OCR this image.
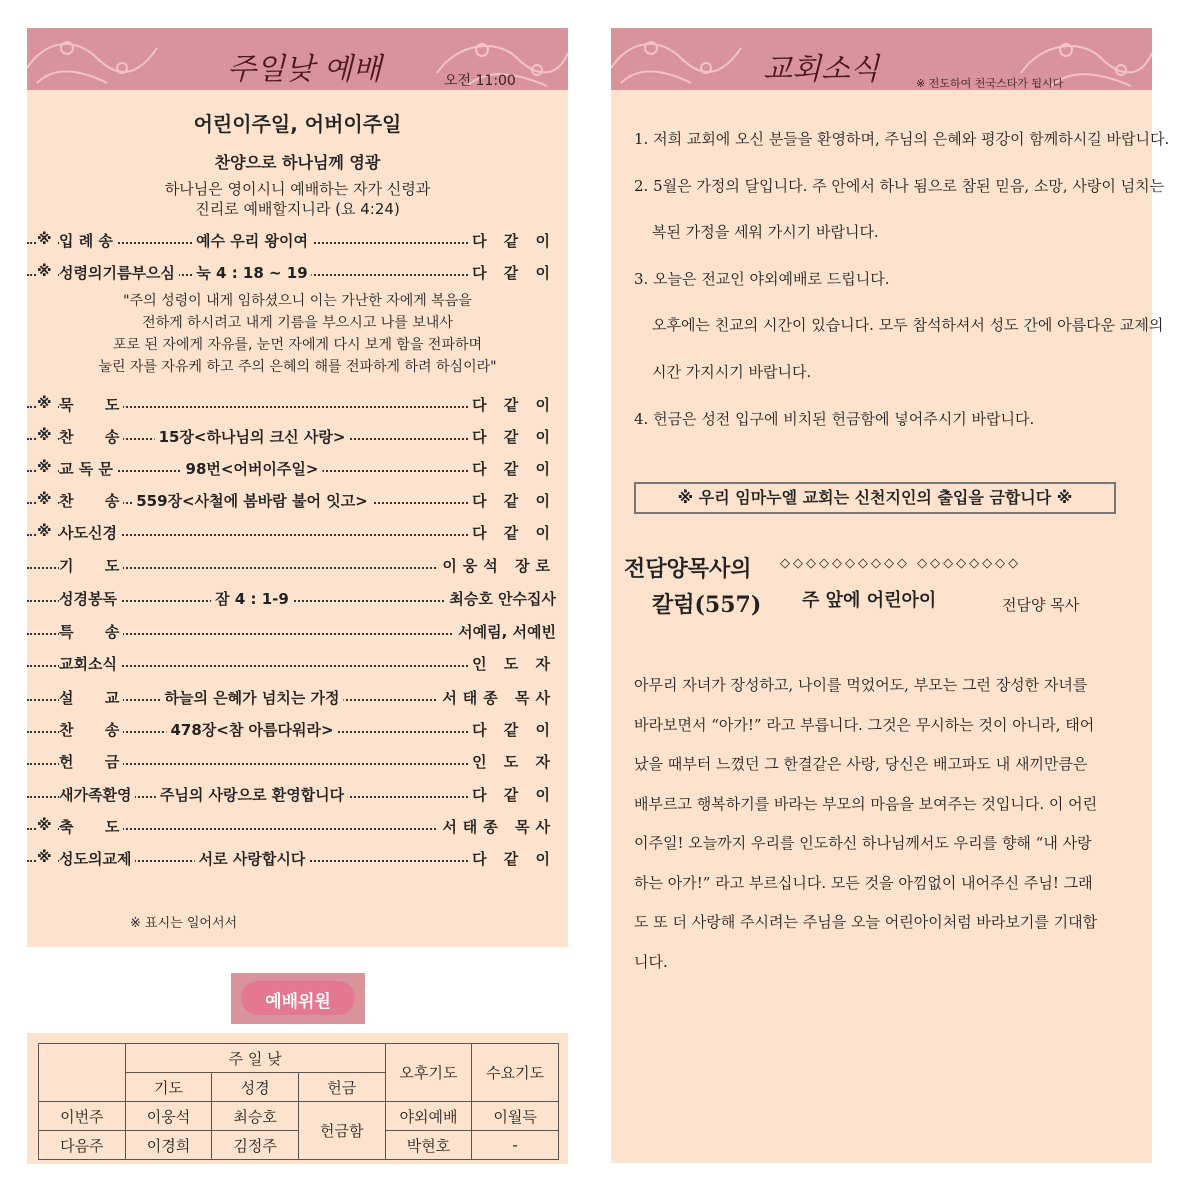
주일낮 예배	오전 11:00
어린이주일, 어버이주일
찬양으로 하나님께 영광
하나님은 영이시니 예배하는 자가 신령과
진리로 예배할지니라 (요 4:24)
※ 입 례 송	예수 우리 왕이여	다 같 이
※ 성령의기름부으심 눅 4 : 18 ~ 19	다 같 이
※ 묵      도	다 같 이
※ 찬      송	15장<하나님의 크신 사랑>	다 같 이
※ 교 독 문	98번<어버이주일>	다 같 이
※ 찬      송 559장<사철에 봄바람 불어 잇고>	다 같 이
※ 사도신경	다 같 이
기      도	이웅석 장로
성경봉독	잠 4 : 1-9	최승호 안수집사
특      송	서예림, 서예빈
교회소식	인 도 자
설      교	하늘의 은혜가 넘치는 가정	서태종 목사
찬      송	478장<참 아름다워라>	다 같 이
헌      금	인 도 자
새가족환영 주님의 사랑으로 환영합니다	다 같 이
※ 축      도	서태종 목사
※ 성도의교제	서로 사랑합시다	다 같 이
"주의 성령이 내게 임하셨으니 이는 가난한 자에게 복음을
전하게 하시려고 내게 기름을 부으시고 나를 보내사
포로 된 자에게 자유를, 눈먼 자에게 다시 보게 함을 전파하며
눌린 자를 자유케 하고 주의 은혜의 해를 전파하게 하려 하심이라"
※ 표시는 일어서서
예배위원
	주 일 낮			오후기도	수요기도
	기도	성경	헌금		
이번주	이웅석	최승호	헌금함	야외예배	이월득
다음주	이경희	김정주		박현호	-
교회소식	※ 전도하여 천국스타가 됩시다

1. 저희 교회에 오신 분들을 환영하며, 주님의 은혜와 평강이 함께하시길 바랍니다.

2. 5월은 가정의 달입니다. 주 안에서 하나 됨으로 참된 믿음, 소망, 사랑이 넘치는

복된 가정을 세워 가시기 바랍니다.

3. 오늘은 전교인 야외예배로 드립니다.

오후에는 친교의 시간이 있습니다. 모두 참석하셔서 성도 간에 아름다운 교제의

시간 가지시기 바랍니다.

4. 헌금은 성전 입구에 비치된 헌금함에 넣어주시기 바랍니다.

※ 우리 임마누엘 교회는 신천지인의 출입을 금합니다 ※
전담양목사의
칼럼(557)
◇◇◇◇◇◇◇◇◇◇ ◇◇◇◇◇◇◇◇
주 앞에 어린아이	전담양 목사

아무리 자녀가 장성하고, 나이를 먹었어도, 부모는 그런 장성한 자녀를

바라보면서 “아가!” 라고 부릅니다. 그것은 무시하는 것이 아니라, 태어

났을 때부터 느꼈던 그 한결같은 사랑, 당신은 배고파도 내 새끼만큼은

배부르고 행복하기를 바라는 부모의 마음을 보여주는 것입니다. 이 어린

이주일! 오늘까지 우리를 인도하신 하나님께서도 우리를 향해 “내 사랑

하는 아가!” 라고 부르십니다. 모든 것을 아낌없이 내어주신 주님! 그래

도 또 더 사랑해 주시려는 주님을 오늘 어린아이처럼 바라보기를 기대합

니다.
